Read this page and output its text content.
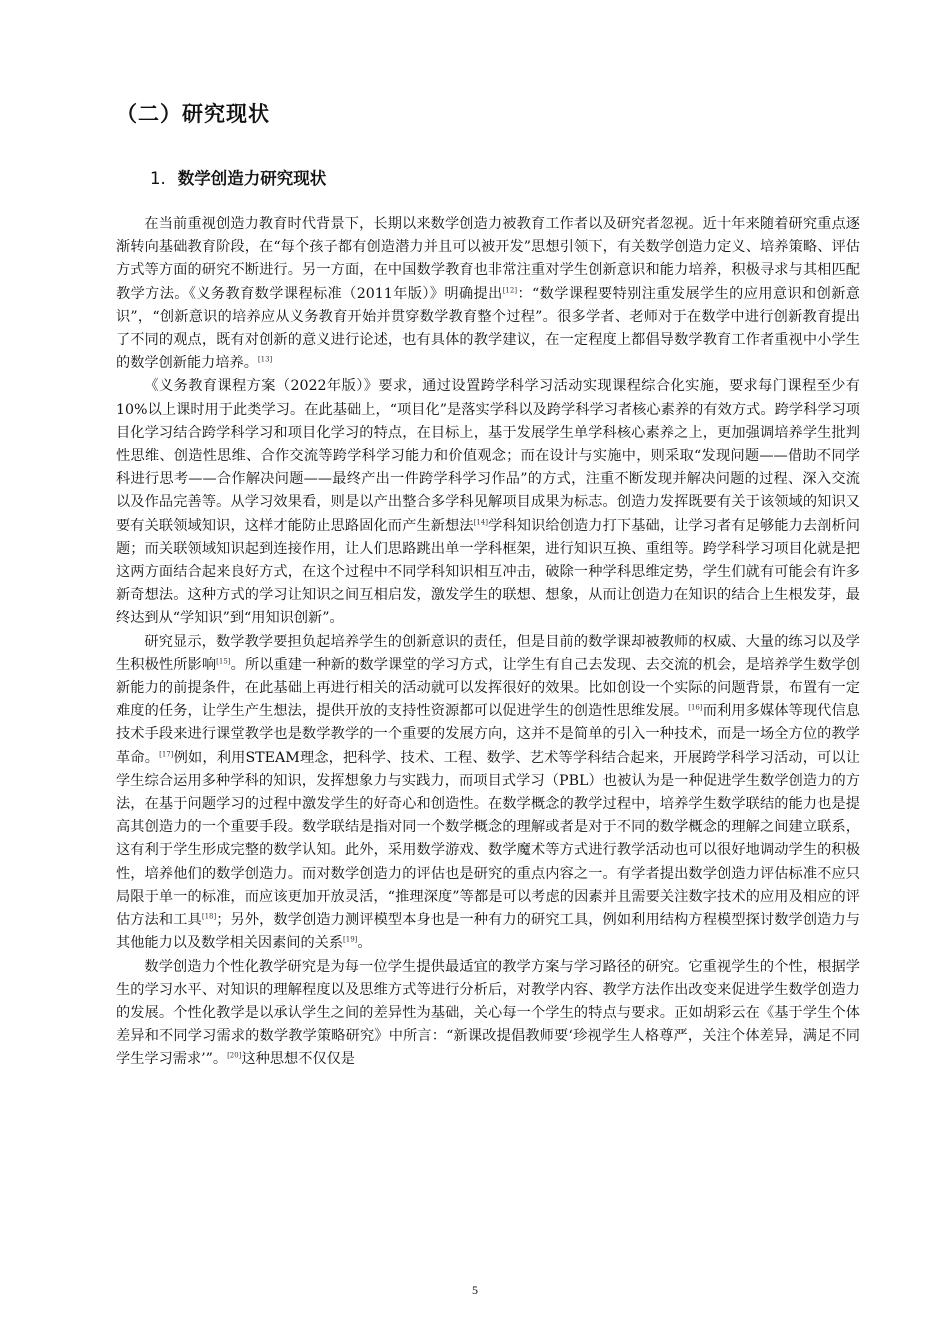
（二）研究现状
1. 数学创造力研究现状

在当前重视创造力教育时代背景下，长期以来数学创造力被教育工作者以及研究者忽视。近十年来随着研究重点逐渐转向基础教育阶段，在“每个孩子都有创造潜力并且可以被开发”思想引领下，有关数学创造力定义、培养策略、评估方式等方面的研究不断进行。另一方面，在中国数学教育也非常注重对学生创新意识和能力培养，积极寻求与其相匹配教学方法。《义务教育数学课程标准（2011年版）》明确提出[12]：“数学课程要特别注重发展学生的应用意识和创新意识”，“创新意识的培养应从义务教育开始并贯穿数学教育整个过程”。很多学者、老师对于在数学中进行创新教育提出了不同的观点，既有对创新的意义进行论述，也有具体的教学建议，在一定程度上都倡导数学教育工作者重视中小学生的数学创新能力培养。[13]

《义务教育课程方案（2022年版）》要求，通过设置跨学科学习活动实现课程综合化实施，要求每门课程至少有10%以上课时用于此类学习。在此基础上，“项目化”是落实学科以及跨学科学习者核心素养的有效方式。跨学科学习项目化学习结合跨学科学习和项目化学习的特点，在目标上，基于发展学生单学科核心素养之上，更加强调培养学生批判性思维、创造性思维、合作交流等跨学科学习能力和价值观念；而在设计与实施中，则采取“发现问题——借助不同学科进行思考——合作解决问题——最终产出一件跨学科学习作品”的方式，注重不断发现并解决问题的过程、深入交流以及作品完善等。从学习效果看，则是以产出整合多学科见解项目成果为标志。创造力发挥既要有关于该领域的知识又要有关联领域知识，这样才能防止思路固化而产生新想法[14]学科知识给创造力打下基础，让学习者有足够能力去剖析问题；而关联领域知识起到连接作用，让人们思路跳出单一学科框架，进行知识互换、重组等。跨学科学习项目化就是把这两方面结合起来良好方式，在这个过程中不同学科知识相互冲击，破除一种学科思维定势，学生们就有可能会有许多新奇想法。这种方式的学习让知识之间互相启发，激发学生的联想、想象，从而让创造力在知识的结合上生根发芽，最终达到从“学知识”到“用知识创新”。

研究显示，数学教学要担负起培养学生的创新意识的责任，但是目前的数学课却被教师的权威、大量的练习以及学生积极性所影响[15]。所以重建一种新的数学课堂的学习方式，让学生有自己去发现、去交流的机会，是培养学生数学创新能力的前提条件，在此基础上再进行相关的活动就可以发挥很好的效果。比如创设一个实际的问题背景，布置有一定难度的任务，让学生产生想法，提供开放的支持性资源都可以促进学生的创造性思维发展。[16]而利用多媒体等现代信息技术手段来进行课堂教学也是数学教学的一个重要的发展方向，这并不是简单的引入一种技术，而是一场全方位的教学革命。[17]例如，利用STEAM理念，把科学、技术、工程、数学、艺术等学科结合起来，开展跨学科学习活动，可以让学生综合运用多种学科的知识，发挥想象力与实践力，而项目式学习（PBL）也被认为是一种促进学生数学创造力的方法，在基于问题学习的过程中激发学生的好奇心和创造性。在数学概念的教学过程中，培养学生数学联结的能力也是提高其创造力的一个重要手段。数学联结是指对同一个数学概念的理解或者是对于不同的数学概念的理解之间建立联系，这有利于学生形成完整的数学认知。此外，采用数学游戏、数学魔术等方式进行教学活动也可以很好地调动学生的积极性，培养他们的数学创造力。而对数学创造力的评估也是研究的重点内容之一。有学者提出数学创造力评估标准不应只局限于单一的标准，而应该更加开放灵活，“推理深度”等都是可以考虑的因素并且需要关注数字技术的应用及相应的评估方法和工具[18]；另外，数学创造力测评模型本身也是一种有力的研究工具，例如利用结构方程模型探讨数学创造力与其他能力以及数学相关因素间的关系[19]。

数学创造力个性化教学研究是为每一位学生提供最适宜的教学方案与学习路径的研究。它重视学生的个性，根据学生的学习水平、对知识的理解程度以及思维方式等进行分析后，对教学内容、教学方法作出改变来促进学生数学创造力的发展。个性化教学是以承认学生之间的差异性为基础，关心每一个学生的特点与要求。正如胡彩云在《基于学生个体差异和不同学习需求的数学教学策略研究》中所言：“新课改提倡教师要‘珍视学生人格尊严，关注个体差异，满足不同学生学习需求’”。[20]这种思想不仅仅是

5
